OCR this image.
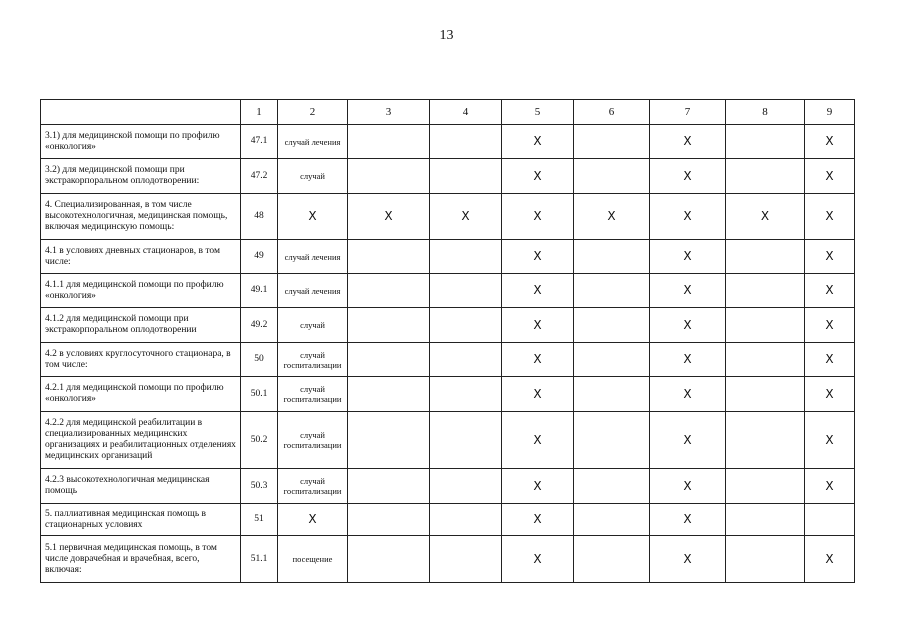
13
	1	2	3	4	5	6	7	8	9
3.1) для медицинской помощи по профилю «онкология»	47.1	случай лечения			X		X		X
3.2) для медицинской помощи при экстракорпоральном оплодотворении:	47.2	случай			X		X		X
4. Специализированная, в том числе высокотехнологичная, медицинская помощь, включая медицинскую помощь:	48	X	X	X	X	X	X	X	X
4.1 в условиях дневных стационаров, в том числе:	49	случай лечения			X		X		X
4.1.1 для медицинской помощи по профилю «онкология»	49.1	случай лечения			X		X		X
4.1.2 для медицинской помощи при экстракорпоральном оплодотворении	49.2	случай			X		X		X
4.2 в условиях круглосуточного стационара, в том числе:	50	случай госпитализации			X		X		X
4.2.1 для медицинской помощи по профилю «онкология»	50.1	случай госпитализации			X		X		X
4.2.2 для медицинской реабилитации в специализированных медицинских организациях и реабилитационных отделениях медицинских организаций	50.2	случай госпитализации			X		X		X
4.2.3 высокотехнологичная медицинская помощь	50.3	случай госпитализации			X		X		X
5. паллиативная медицинская помощь в стационарных условиях	51	X			X		X		
5.1 первичная медицинская помощь, в том числе доврачебная и врачебная, всего, включая:	51.1	посещение			X		X		X
